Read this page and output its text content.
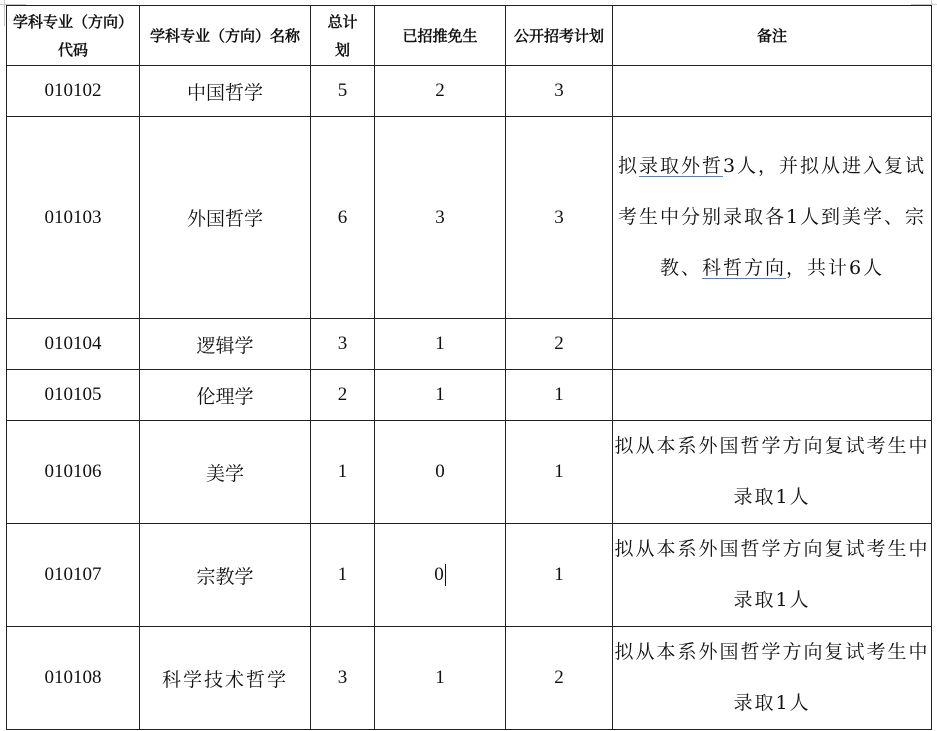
学科专业（方向）代码	学科专业（方向）名称	总计划	已招推免生	公开招考计划	备注
010102	中国哲学	5	2	3	
010103	外国哲学	6	3	3	拟录取外哲3人，并拟从进入复试考生中分别录取各1人到美学、宗教、科哲方向，共计6人
010104	逻辑学	3	1	2	
010105	伦理学	2	1	1	
010106	美学	1	0	1	拟从本系外国哲学方向复试考生中录取1人
010107	宗教学	1	0	1	拟从本系外国哲学方向复试考生中录取1人
010108	科学技术哲学	3	1	2	拟从本系外国哲学方向复试考生中录取1人
